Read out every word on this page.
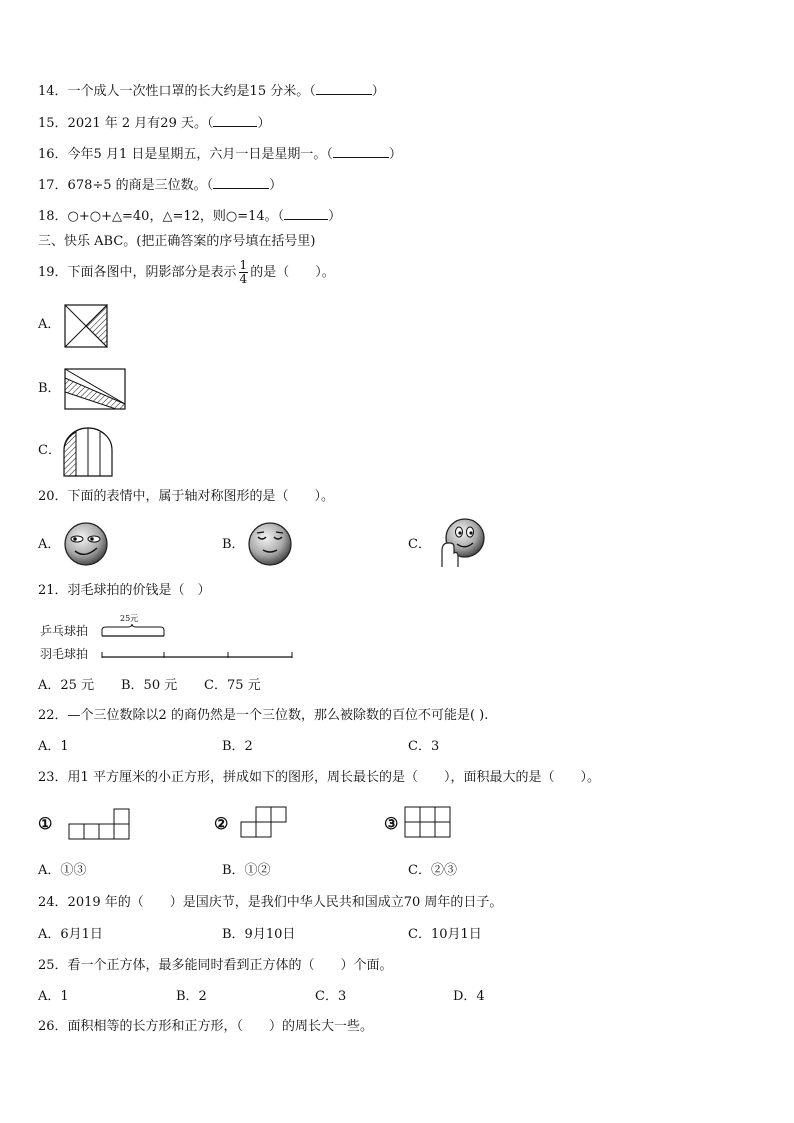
14．一个成人一次性口罩的长大约是15 分米。（	）
15．2021 年 2 月有29 天。（	）
16．今年5 月1 日是星期五，六月一日是星期一。（	）
17．678÷5 的商是三位数。（	）
18．○+○+△=40，△=12，则○=14。（	）
三、快乐 ABC。(把正确答案的序号填在括号里)
19．下面各图中，阴影部分是表示 $\frac{1}{4}$ 的是（　　）。
A．
B．
C．
20．下面的表情中，属于轴对称图形的是（　　）。
A．	B．	C．
21．羽毛球拍的价钱是（　）
乒乓球拍
羽毛球拍
25元
A．25 元 B．50 元 C．75 元
22．—个三位数除以2 的商仍然是一个三位数，那么被除数的百位不可能是( ).
A．1	B．2	C．3
23．用1 平方厘米的小正方形，拼成如下的图形，周长最长的是（　　），面积最大的是（　　）。
①	②	③
A．①③	B．①②	C．②③
24．2019 年的（　　）是国庆节，是我们中华人民共和国成立70 周年的日子。
A．6月1日	B．9月10日	C．10月1日
25．看一个正方体，最多能同时看到正方体的（　　）个面。
A．1	B．2	C．3	D．4
26．面积相等的长方形和正方形，（　　）的周长大一些。
